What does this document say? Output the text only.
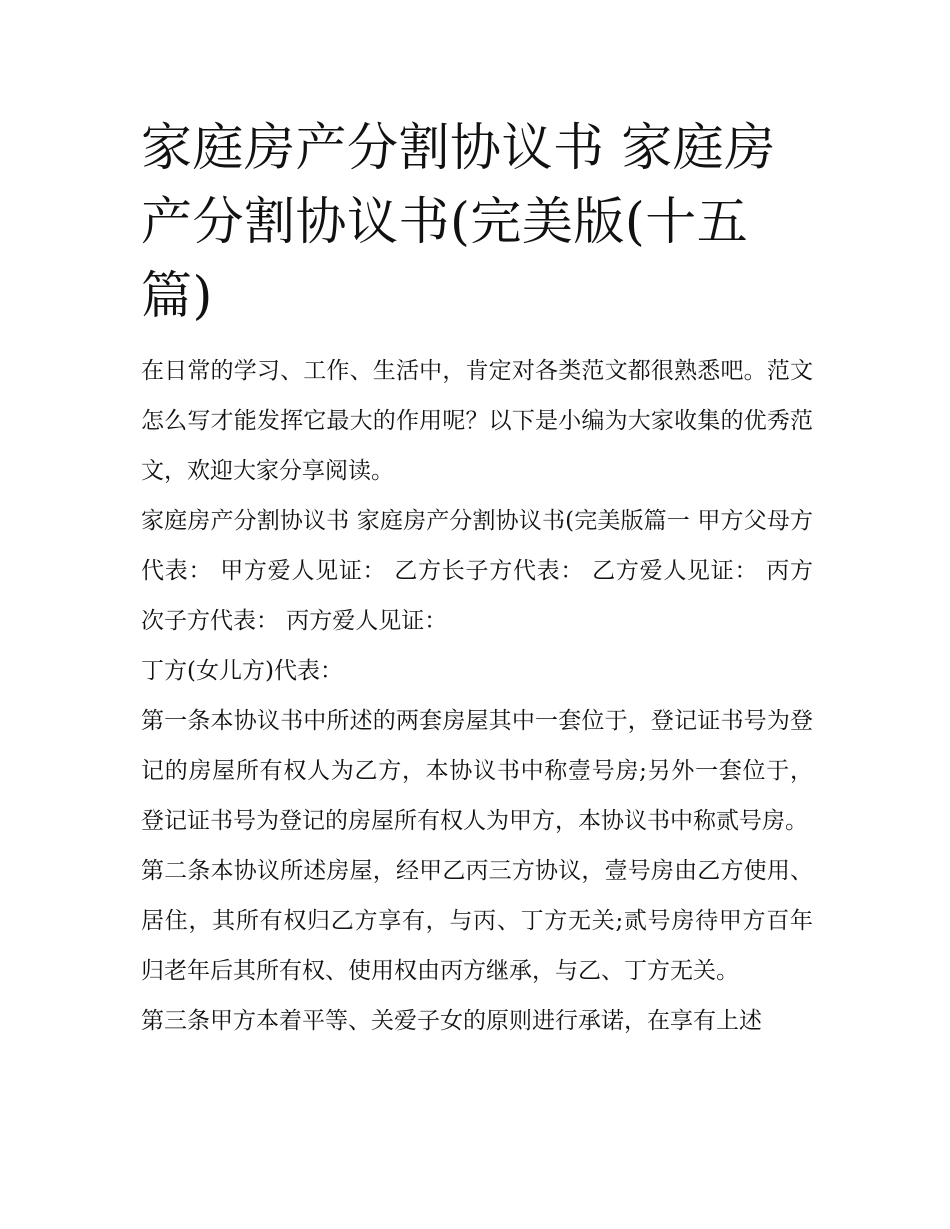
家庭房产分割协议书 家庭房产分割协议书(完美版(十五篇)

在日常的学习、工作、生活中，肯定对各类范文都很熟悉吧。范文怎么写才能发挥它最大的作用呢？以下是小编为大家收集的优秀范文，欢迎大家分享阅读。

家庭房产分割协议书 家庭房产分割协议书(完美版篇一 甲方父母方代表： 甲方爱人见证： 乙方长子方代表： 乙方爱人见证： 丙方次子方代表： 丙方爱人见证：

丁方(女儿方)代表：

第一条本协议书中所述的两套房屋其中一套位于，登记证书号为登记的房屋所有权人为乙方，本协议书中称壹号房;另外一套位于，登记证书号为登记的房屋所有权人为甲方，本协议书中称贰号房。

第二条本协议所述房屋，经甲乙丙三方协议，壹号房由乙方使用、居住，其所有权归乙方享有，与丙、丁方无关;贰号房待甲方百年归老年后其所有权、使用权由丙方继承，与乙、丁方无关。

第三条甲方本着平等、关爱子女的原则进行承诺，在享有上述
